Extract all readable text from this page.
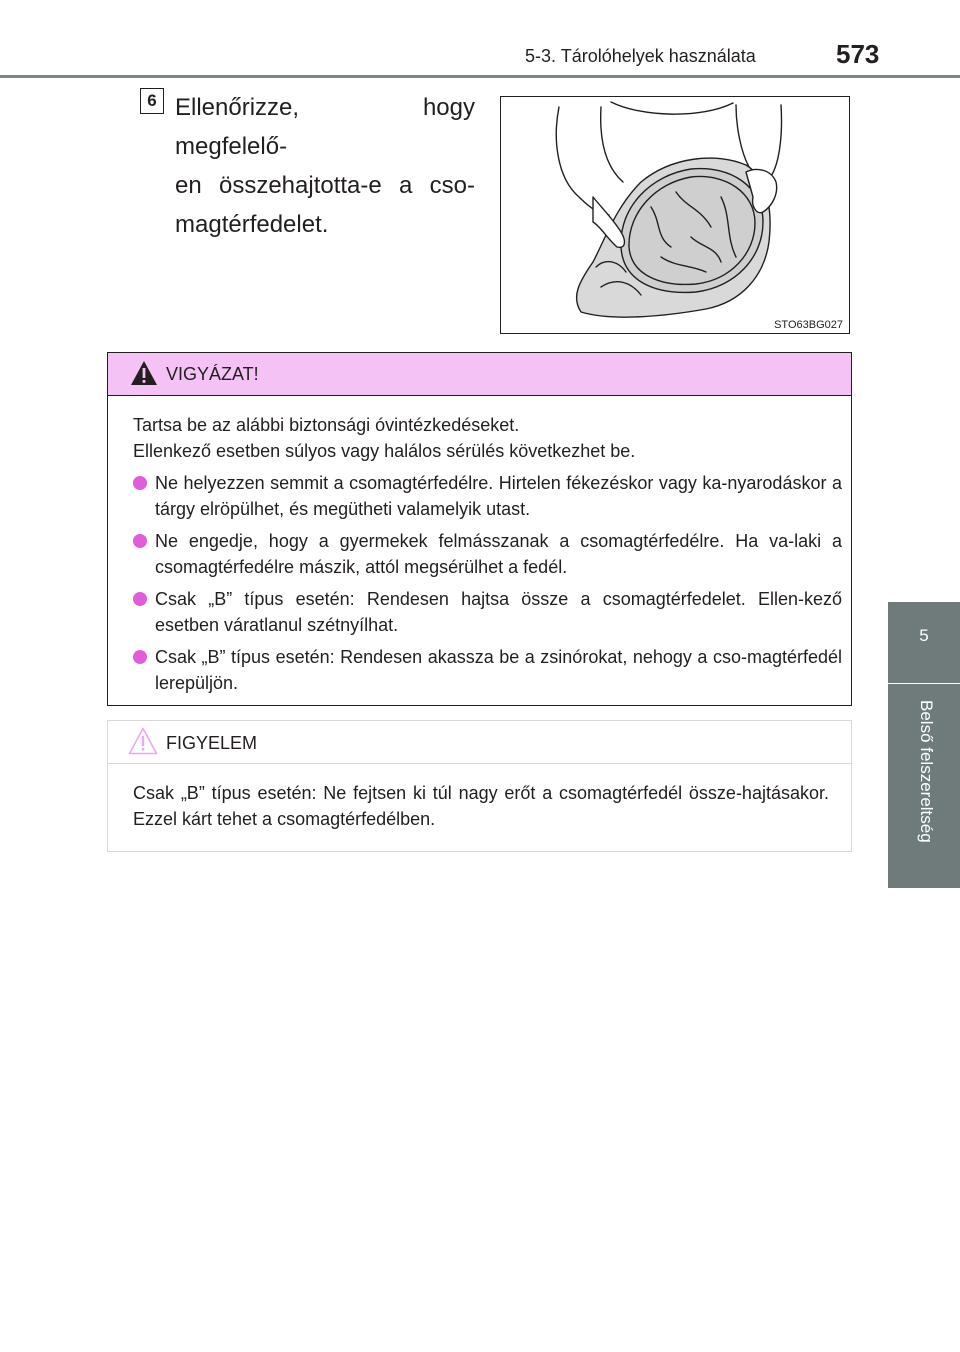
5-3. Tárolóhelyek használata	573
5
Belső felszereltség
6 Ellenőrizze, hogy megfelelő-

en összehajtotta-e a cso-

magtérfedelet.

STO63BG027
VIGYÁZAT!

Tartsa be az alábbi biztonsági óvintézkedéseket.
Ellenkező esetben súlyos vagy halálos sérülés következhet be.

Ne helyezzen semmit a csomagtérfedélre. Hirtelen fékezéskor vagy ka-nyarodáskor a tárgy elröpülhet, és megütheti valamelyik utast.

Ne engedje, hogy a gyermekek felmásszanak a csomagtérfedélre. Ha va-laki a csomagtérfedélre mászik, attól megsérülhet a fedél.

Csak „B” típus esetén: Rendesen hajtsa össze a csomagtérfedelet. Ellen-kező esetben váratlanul szétnyílhat.

Csak „B” típus esetén: Rendesen akassza be a zsinórokat, nehogy a cso-magtérfedél lerepüljön.

FIGYELEM

Csak „B” típus esetén: Ne fejtsen ki túl nagy erőt a csomagtérfedél össze-hajtásakor. Ezzel kárt tehet a csomagtérfedélben.
